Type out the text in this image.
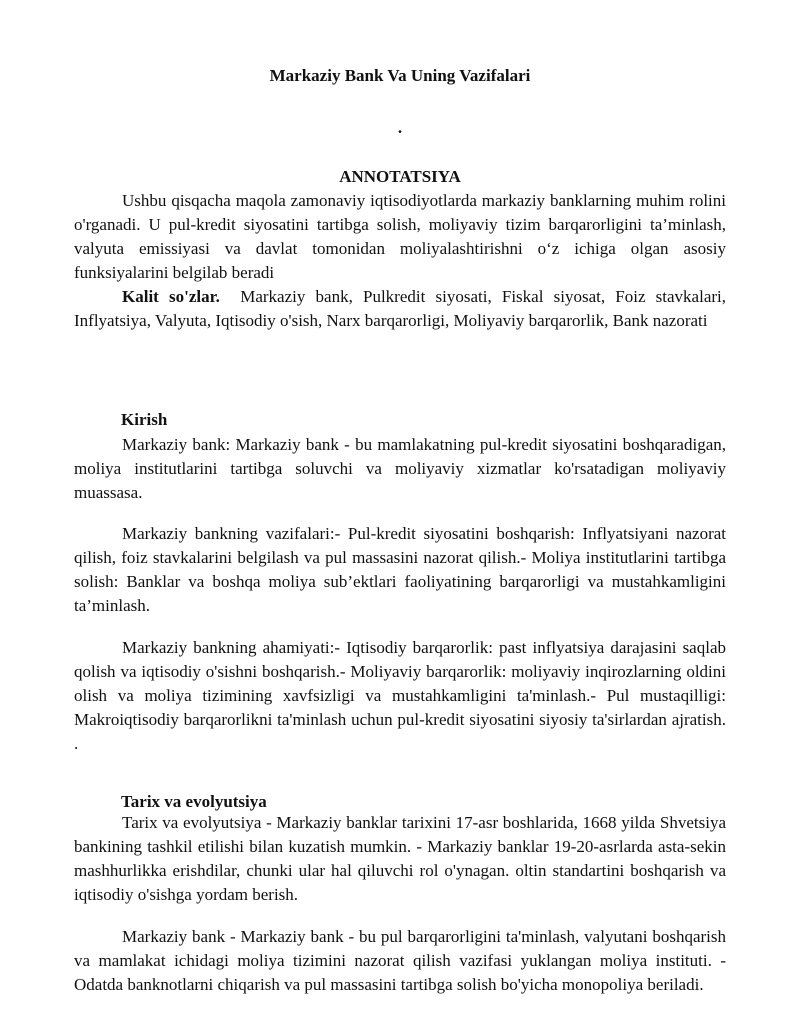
Markaziy Bank Va Uning Vazifalari
.
ANNOTATSIYA

Ushbu qisqacha maqola zamonaviy iqtisodiyotlarda markaziy banklarning muhim rolini o'rganadi. U pul-kredit siyosatini tartibga solish, moliyaviy tizim barqarorligini ta’minlash, valyuta emissiyasi va davlat tomonidan moliyalashtirishni o‘z ichiga olgan asosiy funksiyalarini belgilab beradi

Kalit so'zlar. Markaziy bank, Pulkredit siyosati, Fiskal siyosat, Foiz stavkalari, Inflyatsiya, Valyuta, Iqtisodiy o'sish, Narx barqarorligi, Moliyaviy barqarorlik, Bank nazorati

Kirish

Markaziy bank: Markaziy bank - bu mamlakatning pul-kredit siyosatini boshqaradigan, moliya institutlarini tartibga soluvchi va moliyaviy xizmatlar ko'rsatadigan moliyaviy muassasa.

Markaziy bankning vazifalari:- Pul-kredit siyosatini boshqarish: Inflyatsiyani nazorat qilish, foiz stavkalarini belgilash va pul massasini nazorat qilish.- Moliya institutlarini tartibga solish: Banklar va boshqa moliya sub’ektlari faoliyatining barqarorligi va mustahkamligini ta’minlash.

Markaziy bankning ahamiyati:- Iqtisodiy barqarorlik: past inflyatsiya darajasini saqlab qolish va iqtisodiy o'sishni boshqarish.- Moliyaviy barqarorlik: moliyaviy inqirozlarning oldini olish va moliya tizimining xavfsizligi va mustahkamligini ta'minlash.- Pul mustaqilligi: Makroiqtisodiy barqarorlikni ta'minlash uchun pul-kredit siyosatini siyosiy ta'sirlardan ajratish. .

Tarix va evolyutsiya

Tarix va evolyutsiya - Markaziy banklar tarixini 17-asr boshlarida, 1668 yilda Shvetsiya bankining tashkil etilishi bilan kuzatish mumkin. - Markaziy banklar 19-20-asrlarda asta-sekin mashhurlikka erishdilar, chunki ular hal qiluvchi rol o'ynagan. oltin standartini boshqarish va iqtisodiy o'sishga yordam berish.

Markaziy bank - Markaziy bank - bu pul barqarorligini ta'minlash, valyutani boshqarish va mamlakat ichidagi moliya tizimini nazorat qilish vazifasi yuklangan moliya instituti. - Odatda banknotlarni chiqarish va pul massasini tartibga solish bo'yicha monopoliya beriladi.
